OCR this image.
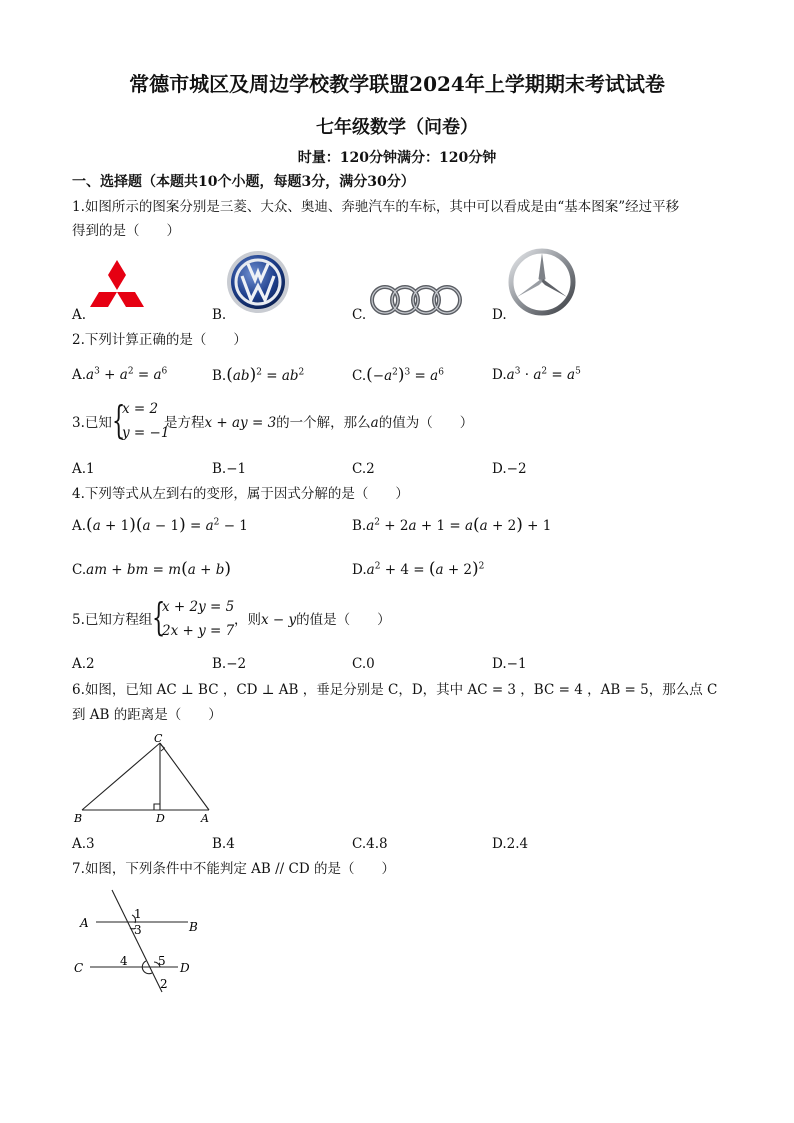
常德市城区及周边学校教学联盟2024年上学期期末考试试卷
七年级数学（问卷）
时量：120分钟满分：120分钟
一、选择题（本题共10个小题，每题3分，满分30分）
1.如图所示的图案分别是三菱、大众、奥迪、奔驰汽车的车标，其中可以看成是由“基本图案”经过平移
得到的是（　　）
A.	B.	C.	D.
2.下列计算正确的是（　　）
$A.a^3 + a^2 = a^6$	$B.(ab)^2 = ab^2$	$C.(-a^2)^3 = a^6$	$D.a^3 \cdot a^2 = a^5$
3.已知 {
x = 2
y = −1
是方程x + ay = 3的一个解，那么a的值为（　　）
A.1	B.−1	C.2	D.−2
4.下列等式从左到右的变形，属于因式分解的是（　　）
$A.(a + 1)(a - 1) = a^2 - 1$	$B.a^2 + 2a + 1 = a(a + 2) + 1$
C.am + bm = m(a + b)	$D.a^2 + 4 = (a + 2)^2$
5.已知方程组 {
x + 2y = 5
2x + y = 7
，则x − y的值是（　　）
A.2	B.−2	C.0	D.−1
6.如图，已知 AC ⊥ BC ，CD ⊥ AB ，垂足分别是 C，D，其中 AC = 3 ，BC = 4 ，AB = 5，那么点 C
到 AB 的距离是（　　）
C
B	D	A
A.3	B.4	C.4.8	D.2.4
7.如图，下列条件中不能判定 AB // CD 的是（　　）
A	B
C	D
1
3
4	5
2
